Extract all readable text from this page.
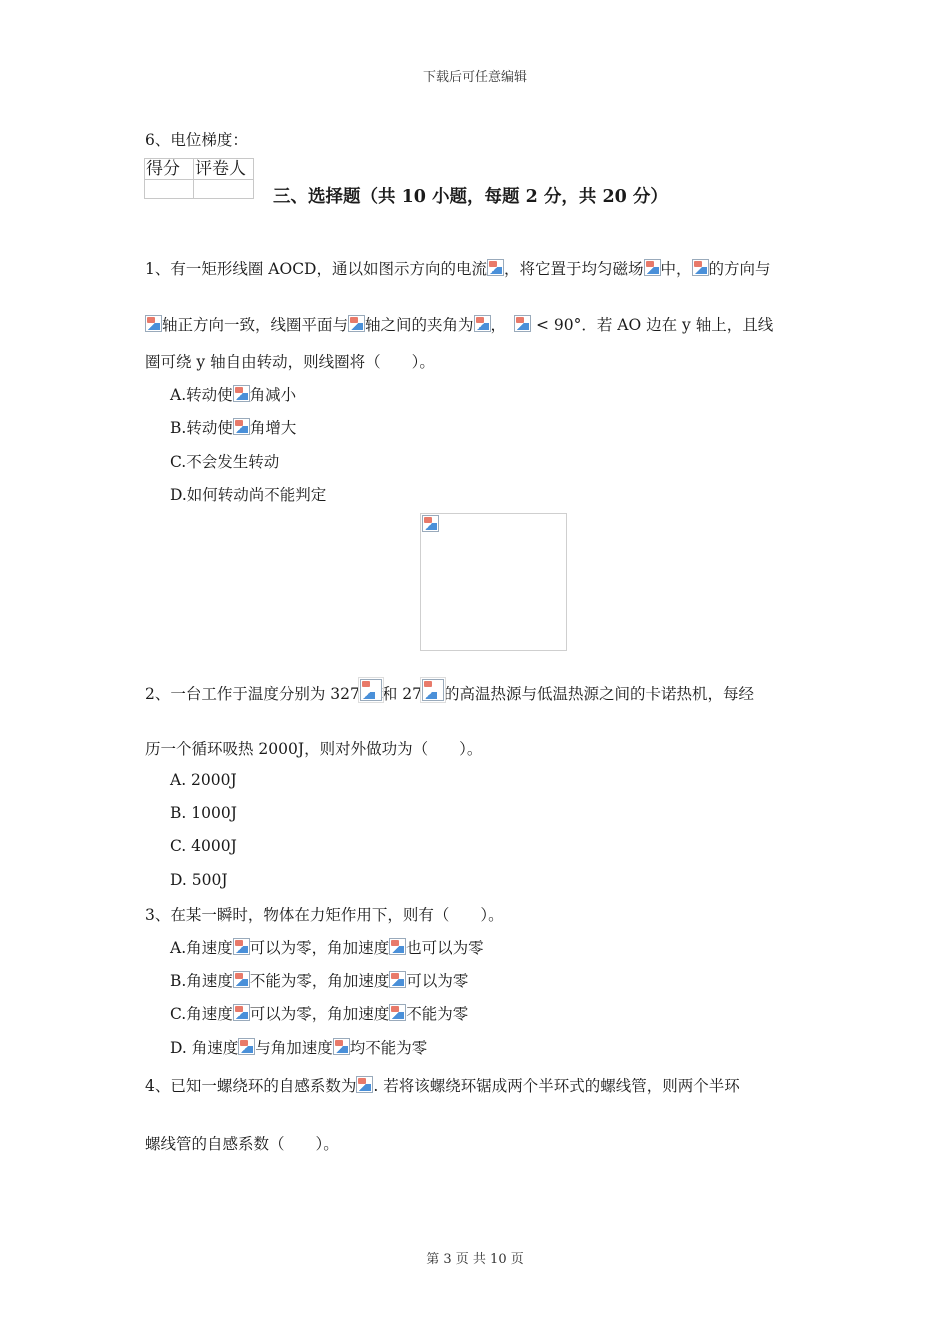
下载后可任意编辑
6、电位梯度：
得分	评卷人

三、选择题（共 10 小题，每题 2 分，共 20 分）
1、有一矩形线圈 AOCD，通以如图示方向的电流 ，将它置于均匀磁场 中， 的方向与
轴正方向一致，线圈平面与 轴之间的夹角为 ， < 90°．若 AO 边在 y 轴上，且线
圈可绕 y 轴自由转动，则线圈将（　　）。
A.转动使 角减小
B.转动使 角增大
C.不会发生转动
D.如何转动尚不能判定
2、一台工作于温度分别为 327 和 27 的高温热源与低温热源之间的卡诺热机，每经
历一个循环吸热 2000J，则对外做功为（　　）。
A. 2000J
B. 1000J
C. 4000J
D. 500J
3、在某一瞬时，物体在力矩作用下，则有（　　）。
A.角速度 可以为零，角加速度 也可以为零
B.角速度 不能为零，角加速度 可以为零
C.角速度 可以为零，角加速度 不能为零
D. 角速度 与角加速度 均不能为零
4、已知一螺绕环的自感系数为 . 若将该螺绕环锯成两个半环式的螺线管，则两个半环
螺线管的自感系数（　　）。
第 3 页 共 10 页
